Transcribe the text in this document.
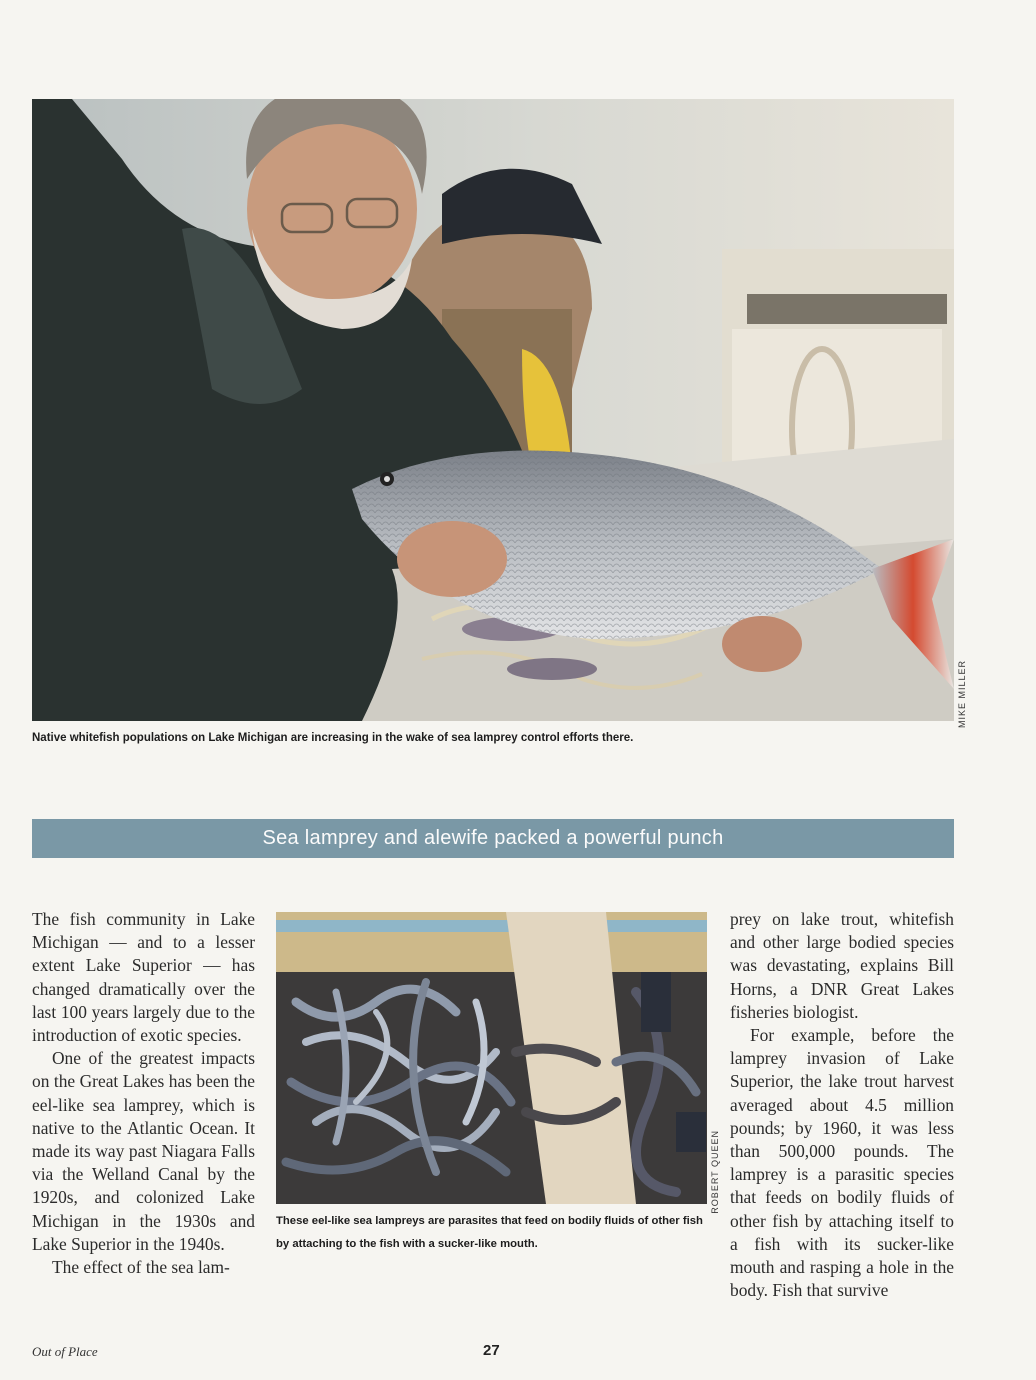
MIKE MILLER
Native whitefish populations on Lake Michigan are increasing in the wake of sea lamprey control efforts there.
Sea lamprey and alewife packed a powerful punch

The fish community in Lake Michigan — and to a lesser extent Lake Superior — has changed dramatically over the last 100 years largely due to the introduction of exotic species.

One of the greatest impacts on the Great Lakes has been the eel-like sea lamprey, which is native to the Atlantic Ocean. It made its way past Niagara Falls via the Welland Canal by the 1920s, and colonized Lake Michigan in the 1930s and Lake Superior in the 1940s.

The effect of the sea lam-

ROBERT QUEEN
These eel-like sea lampreys are parasites that feed on bodily fluids of other fish by attaching to the fish with a sucker-like mouth.

prey on lake trout, whitefish and other large bodied species was devastating, explains Bill Horns, a DNR Great Lakes fisheries biologist.

For example, before the lamprey invasion of Lake Superior, the lake trout harvest averaged about 4.5 million pounds; by 1960, it was less than 500,000 pounds. The lamprey is a parasitic species that feeds on bodily fluids of other fish by attaching itself to a fish with its sucker-like mouth and rasping a hole in the body. Fish that survive

Out of Place	27
